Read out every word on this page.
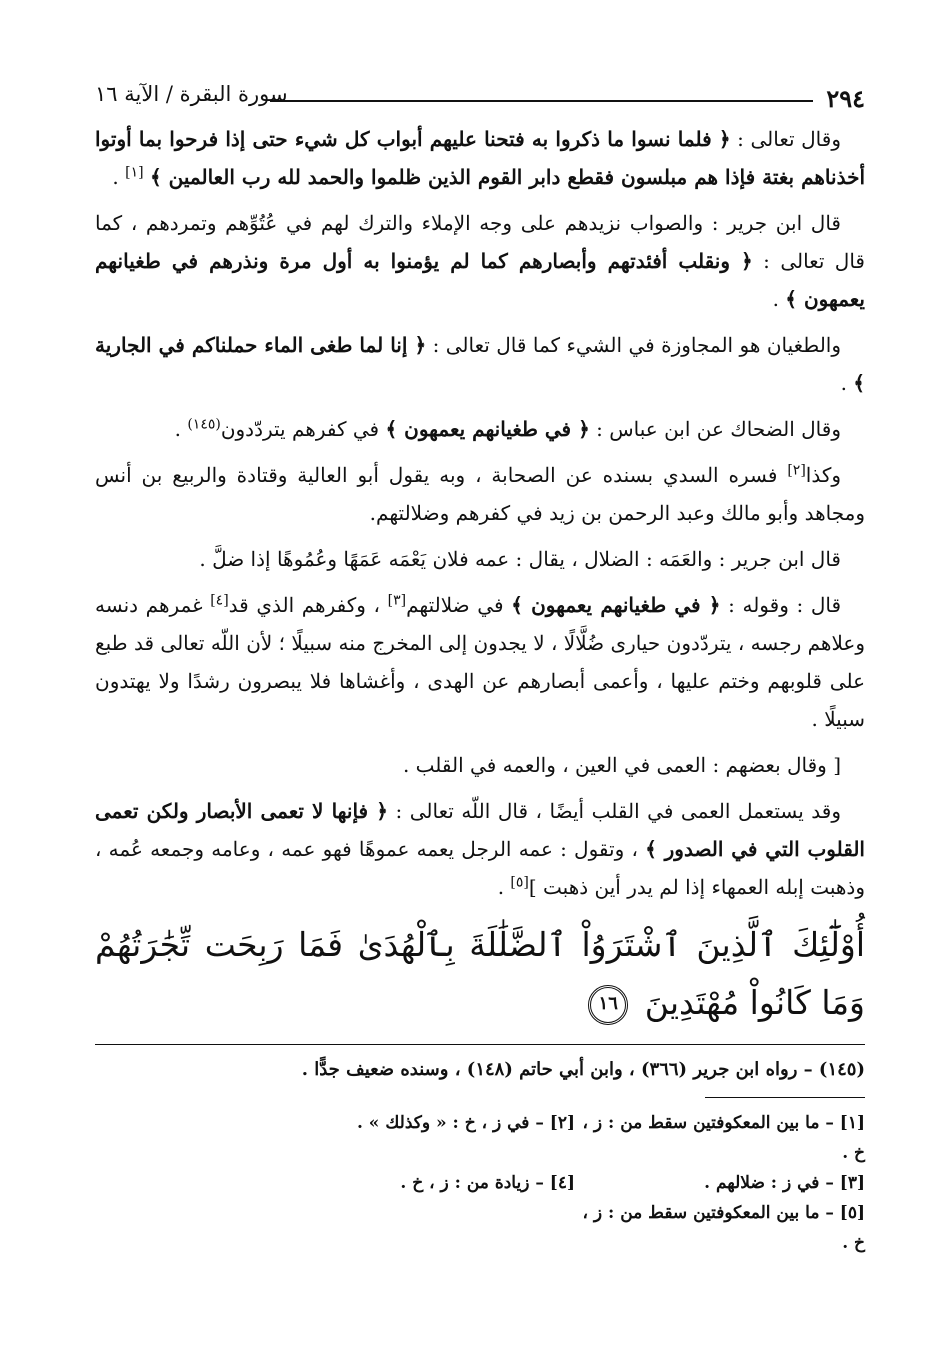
٢٩٤
سورة البقرة / الآية ١٦

وقال تعالى : ﴿ فلما نسوا ما ذكروا به فتحنا عليهم أبواب كل شيء حتى إذا فرحوا بما أوتوا أخذناهم بغتة فإذا هم مبلسون فقطع دابر القوم الذين ظلموا والحمد لله رب العالمين ﴾ [١] .

قال ابن جرير : والصواب نزيدهم على وجه الإملاء والترك لهم في عُتُوِّهم وتمردهم ، كما قال تعالى : ﴿ ونقلب أفئدتهم وأبصارهم كما لم يؤمنوا به أول مرة ونذرهم في طغيانهم يعمهون ﴾ .

والطغيان هو المجاوزة في الشيء كما قال تعالى : ﴿ إنا لما طغى الماء حملناكم في الجارية ﴾ .

وقال الضحاك عن ابن عباس : ﴿ في طغيانهم يعمهون ﴾ في كفرهم يتردّدون$^{(١٤٥)}$ .

وكذا[٢] فسره السدي بسنده عن الصحابة ، وبه يقول أبو العالية وقتادة والربيع بن أنس ومجاهد وأبو مالك وعبد الرحمن بن زيد في كفرهم وضلالتهم.

قال ابن جرير : والعَمَه : الضلال ، يقال : عمه فلان يَعْمَه عَمَهًا وعُمُوهًا إذا ضلَّ .

قال : وقوله : ﴿ في طغيانهم يعمهون ﴾ في ضلالتهم[٣] ، وكفرهم الذي قد[٤] غمرهم دنسه وعلاهم رجسه ، يتردّدون حيارى ضُلَّالًا ، لا يجدون إلى المخرج منه سبيلًا ؛ لأن اللّه تعالى قد طبع على قلوبهم وختم عليها ، وأعمى أبصارهم عن الهدى ، وأغشاها فلا يبصرون رشدًا ولا يهتدون سبيلًا .

[ وقال بعضهم : العمى في العين ، والعمه في القلب .

وقد يستعمل العمى في القلب أيضًا ، قال اللّه تعالى : ﴿ فإنها لا تعمى الأبصار ولكن تعمى القلوب التي في الصدور ﴾ ، وتقول : عمه الرجل يعمه عموهًا فهو عمه ، وعامه وجمعه عُمه ، وذهبت إبله العمهاء إذا لم يدر أين ذهبت ][٥] .

أُوْلَٰٓئِكَ ٱلَّذِينَ ٱشْتَرَوُاْ ٱلضَّلَٰلَةَ بِٱلْهُدَىٰ فَمَا رَبِحَت تِّجَٰرَتُهُمْ وَمَا كَانُواْ مُهْتَدِينَ ١٦

(١٤٥) – رواه ابن جرير (٣٦٦) ، وابن أبي حاتم (١٤٨) ، وسنده ضعيف جدًّا .

[١] – ما بين المعكوفتين سقط من : ز ، خ .
[٢] – في ز ، خ : « وكذلك » .
[٣] – في ز : ضلالهم .
[٤] – زيادة من : ز ، خ .
[٥] – ما بين المعكوفتين سقط من : ز ، خ .
